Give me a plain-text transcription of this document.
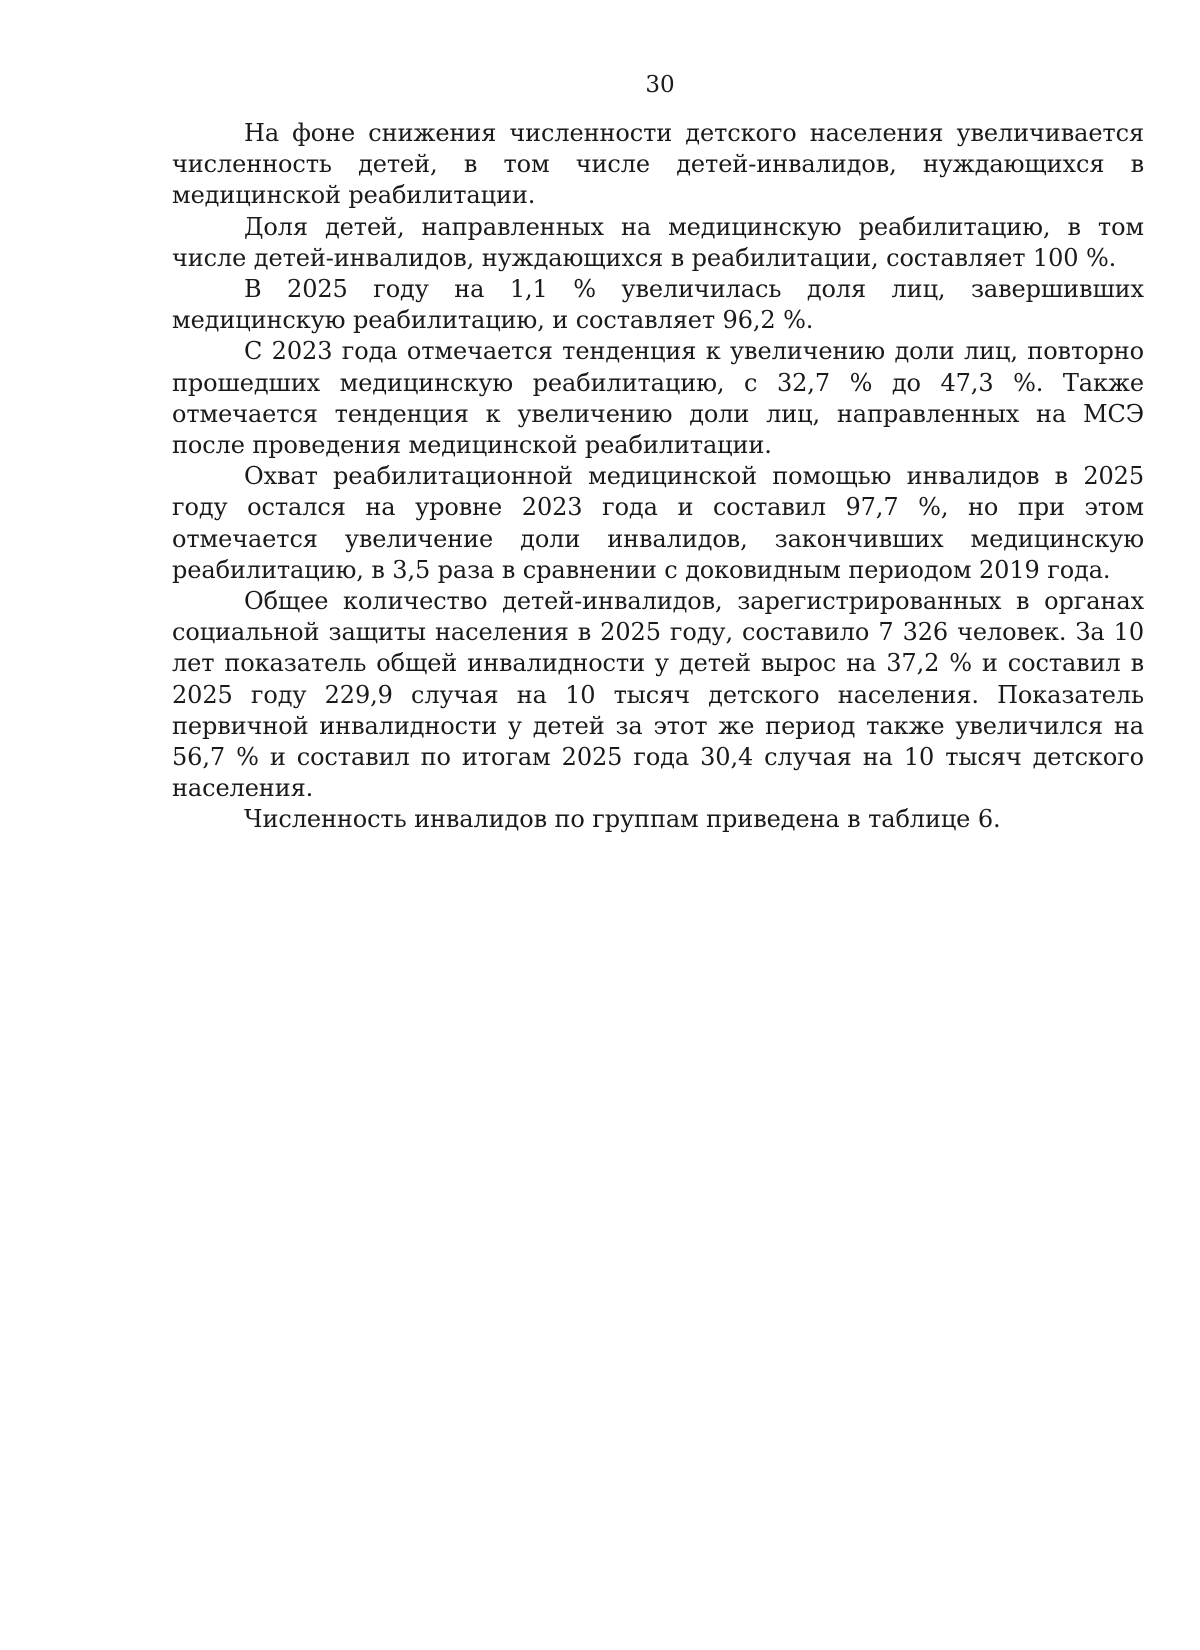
30

На фоне снижения численности детского населения увеличивается численность детей, в том числе детей-инвалидов, нуждающихся в медицинской реабилитации.

Доля детей, направленных на медицинскую реабилитацию, в том числе детей-инвалидов, нуждающихся в реабилитации, составляет 100 %.

В 2025 году на 1,1 % увеличилась доля лиц, завершивших медицинскую реабилитацию, и составляет 96,2 %.

С 2023 года отмечается тенденция к увеличению доли лиц, повторно прошедших медицинскую реабилитацию, с 32,7 % до 47,3 %. Также отмечается тенденция к увеличению доли лиц, направленных на МСЭ после проведения медицинской реабилитации.

Охват реабилитационной медицинской помощью инвалидов в 2025 году остался на уровне 2023 года и составил 97,7 %, но при этом отмечается увеличение доли инвалидов, закончивших медицинскую реабилитацию, в 3,5 раза в сравнении с доковидным периодом 2019 года.

Общее количество детей-инвалидов, зарегистрированных в органах социальной защиты населения в 2025 году, составило 7 326 человек. За 10 лет показатель общей инвалидности у детей вырос на 37,2 % и составил в 2025 году 229,9 случая на 10 тысяч детского населения. Показатель первичной инвалидности у детей за этот же период также увеличился на 56,7 % и составил по итогам 2025 года 30,4 случая на 10 тысяч детского населения.

Численность инвалидов по группам приведена в таблице 6.
